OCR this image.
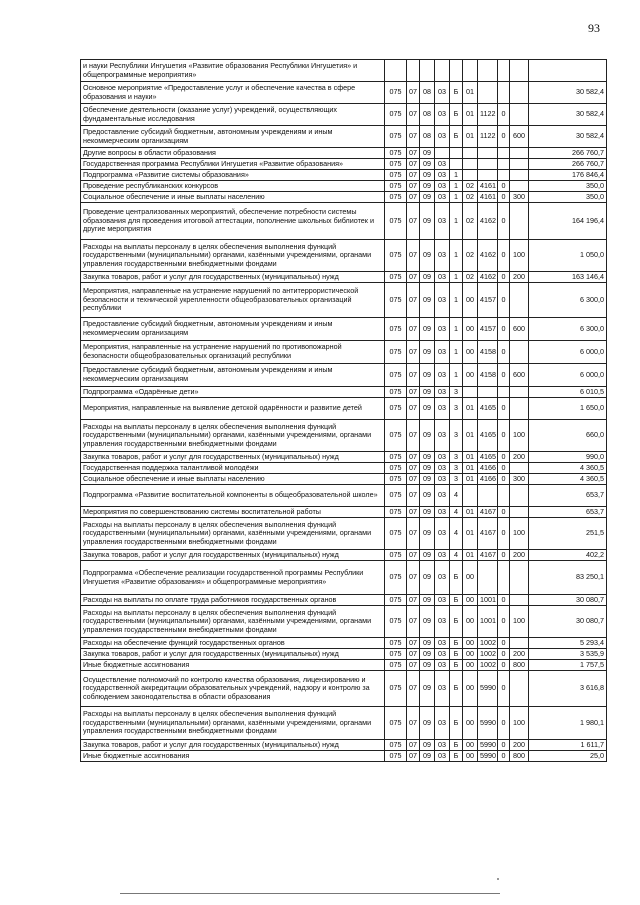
93
и науки Республики Ингушетия «Развитие образования Республики Ингушетия» и общепрограммные мероприятия»										
Основное мероприятие «Предоставление услуг и обеспечение качества в сфере образования и науки»	075	07	08	03	Б	01				30 582,4
Обеспечение деятельности (оказание услуг) учреждений, осуществляющих фундаментальные исследования	075	07	08	03	Б	01	1122	0		30 582,4
Предоставление субсидий бюджетным, автономным учреждениям и иным некоммерческим организациям	075	07	08	03	Б	01	1122	0	600	30 582,4
Другие вопросы в области образования	075	07	09							266 760,7
Государственная программа Республики Ингушетия «Развитие образования»	075	07	09	03						266 760,7
Подпрограмма «Развитие системы образования»	075	07	09	03	1					176 846,4
Проведение республиканских конкурсов	075	07	09	03	1	02	4161	0		350,0
Социальное обеспечение и иные выплаты населению	075	07	09	03	1	02	4161	0	300	350,0
Проведение централизованных мероприятий, обеспечение потребности системы образования для проведения итоговой аттестации, пополнение школьных библиотек и другие мероприятия	075	07	09	03	1	02	4162	0		164 196,4
Расходы на выплаты персоналу в целях обеспечения выполнения функций государственными (муниципальными) органами, казёнными учреждениями, органами управления государственными внебюджетными фондами	075	07	09	03	1	02	4162	0	100	1 050,0
Закупка товаров, работ и услуг для государственных (муниципальных) нужд	075	07	09	03	1	02	4162	0	200	163 146,4
Мероприятия, направленные на устранение нарушений по антитеррористической безопасности и технической укрепленности общеобразовательных организаций республики	075	07	09	03	1	00	4157	0		6 300,0
Предоставление субсидий бюджетным, автономным учреждениям и иным некоммерческим организациям	075	07	09	03	1	00	4157	0	600	6 300,0
Мероприятия, направленные на устранение нарушений по противопожарной безопасности общеобразовательных организаций республики	075	07	09	03	1	00	4158	0		6 000,0
Предоставление субсидий бюджетным, автономным учреждениям и иным некоммерческим организациям	075	07	09	03	1	00	4158	0	600	6 000,0
Подпрограмма «Одарённые дети»	075	07	09	03	3					6 010,5
Мероприятия, направленные на выявление детской одарённости и развитие детей	075	07	09	03	3	01	4165	0		1 650,0
Расходы на выплаты персоналу в целях обеспечения выполнения функций государственными (муниципальными) органами, казёнными учреждениями, органами управления государственными внебюджетными фондами	075	07	09	03	3	01	4165	0	100	660,0
Закупка товаров, работ и услуг для государственных (муниципальных) нужд	075	07	09	03	3	01	4165	0	200	990,0
Государственная поддержка талантливой молодёжи	075	07	09	03	3	01	4166	0		4 360,5
Социальное обеспечение и иные выплаты населению	075	07	09	03	3	01	4166	0	300	4 360,5
Подпрограмма «Развитие воспитательной компоненты в общеобразовательной школе»	075	07	09	03	4					653,7
Мероприятия по совершенствованию системы воспитательной работы	075	07	09	03	4	01	4167	0		653,7
Расходы на выплаты персоналу в целях обеспечения выполнения функций государственными (муниципальными) органами, казёнными учреждениями, органами управления государственными внебюджетными фондами	075	07	09	03	4	01	4167	0	100	251,5
Закупка товаров, работ и услуг для государственных (муниципальных) нужд	075	07	09	03	4	01	4167	0	200	402,2
Подпрограмма «Обеспечение реализации государственной программы Республики Ингушетия «Развитие образования» и общепрограммные мероприятия»	075	07	09	03	Б	00				83 250,1
Расходы на выплаты по оплате труда работников государственных органов	075	07	09	03	Б	00	1001	0		30 080,7
Расходы на выплаты персоналу в целях обеспечения выполнения функций государственными (муниципальными) органами, казёнными учреждениями, органами управления государственными внебюджетными фондами	075	07	09	03	Б	00	1001	0	100	30 080,7
Расходы на обеспечение функций государственных органов	075	07	09	03	Б	00	1002	0		5 293,4
Закупка товаров, работ и услуг для государственных (муниципальных) нужд	075	07	09	03	Б	00	1002	0	200	3 535,9
Иные бюджетные ассигнования	075	07	09	03	Б	00	1002	0	800	1 757,5
Осуществление полномочий по контролю качества образования, лицензированию и государственной аккредитации образовательных учреждений, надзору и контролю за соблюдением законодательства в области образования	075	07	09	03	Б	00	5990	0		3 616,8
Расходы на выплаты персоналу в целях обеспечения выполнения функций государственными (муниципальными) органами, казёнными учреждениями, органами управления государственными внебюджетными фондами	075	07	09	03	Б	00	5990	0	100	1 980,1
Закупка товаров, работ и услуг для государственных (муниципальных) нужд	075	07	09	03	Б	00	5990	0	200	1 611,7
Иные бюджетные ассигнования	075	07	09	03	Б	00	5990	0	800	25,0
